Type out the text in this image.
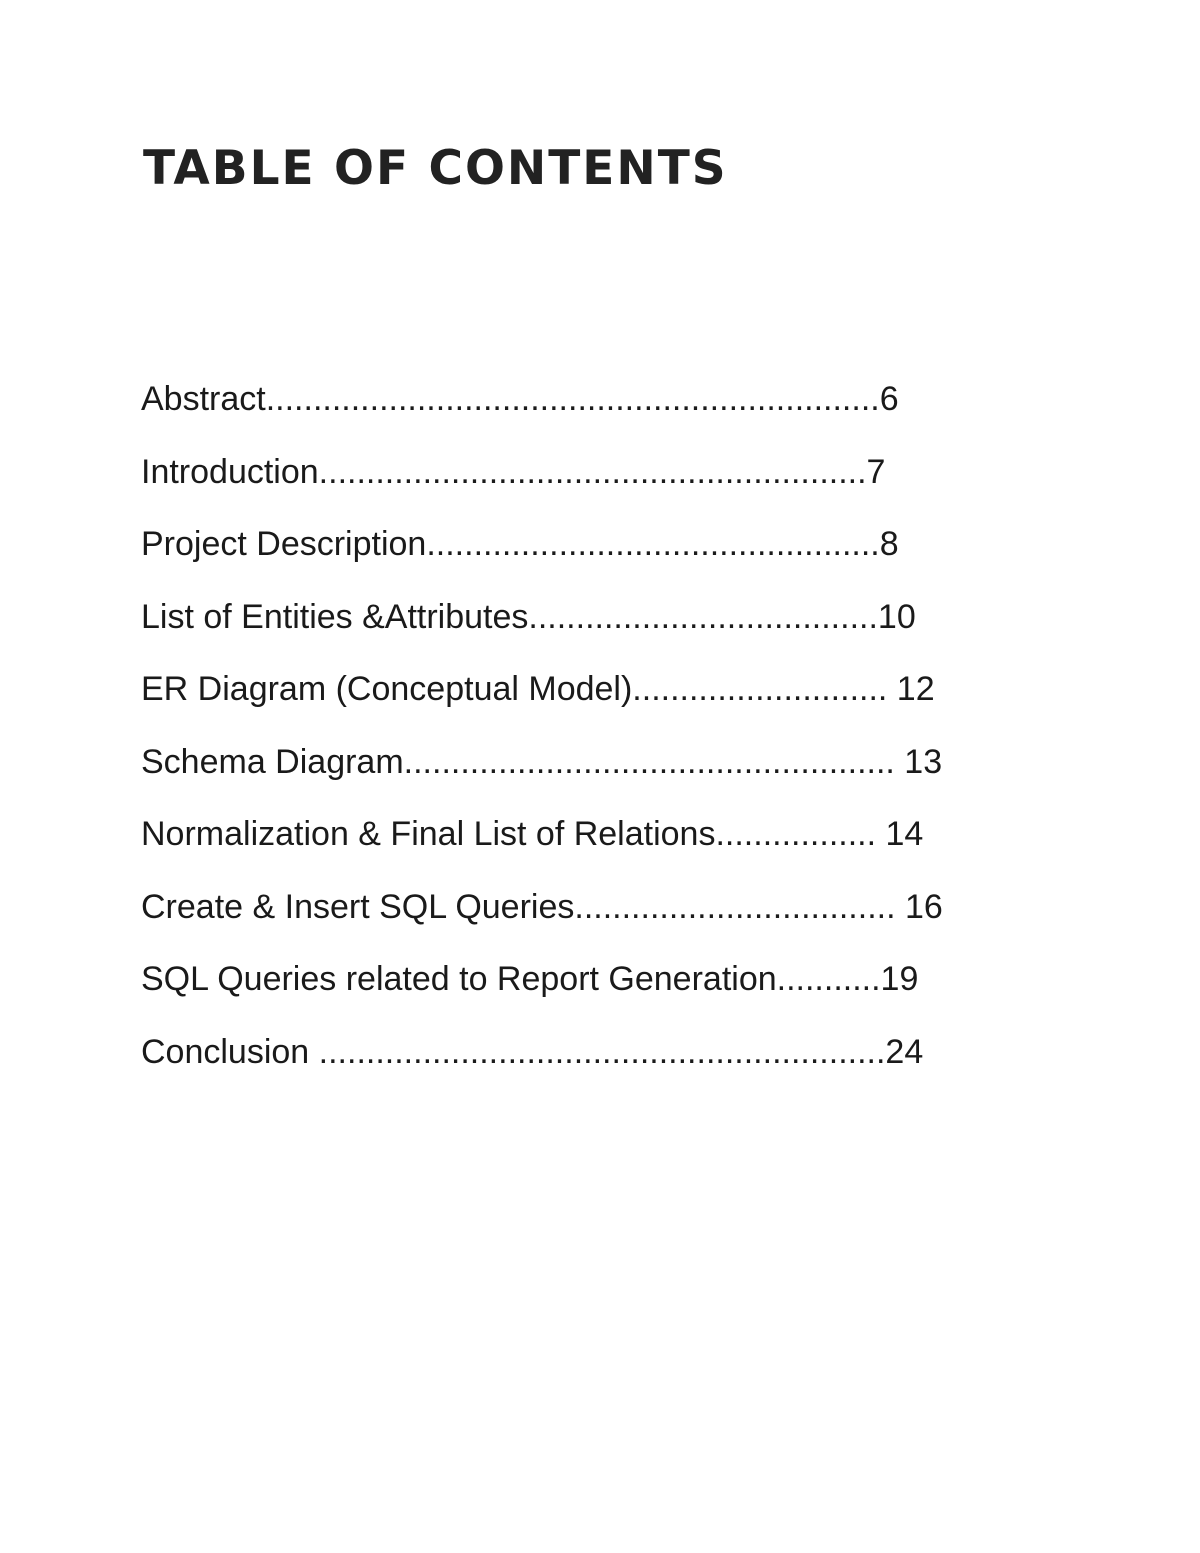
TABLE OF CONTENTS
Abstract.................................................................6
Introduction..........................................................7
Project Description................................................8
List of Entities &Attributes.....................................10
ER Diagram (Conceptual Model)........................... 12
Schema Diagram.................................................... 13
Normalization & Final List of Relations................. 14
Create & Insert SQL Queries.................................. 16
SQL Queries related to Report Generation...........19
Conclusion ............................................................24
